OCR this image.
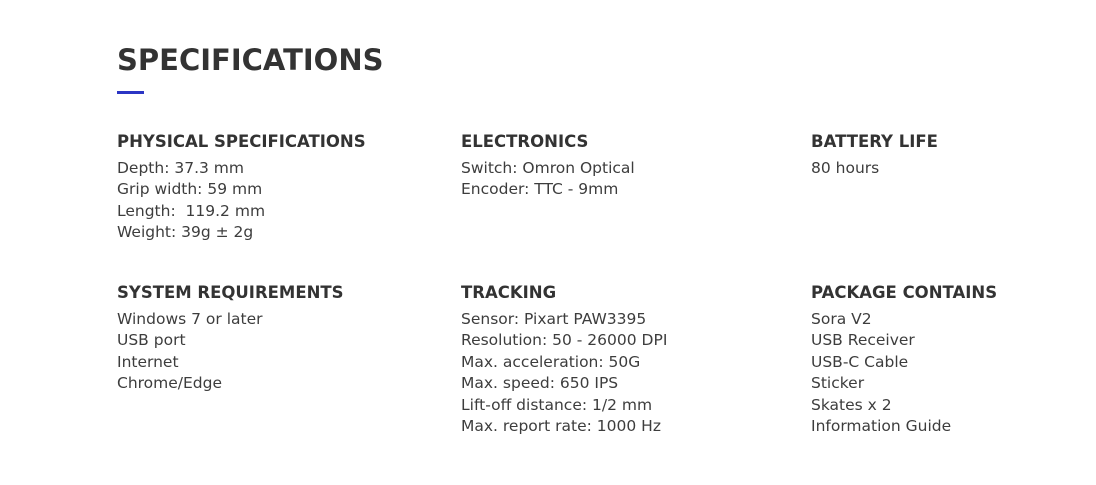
SPECIFICATIONS
PHYSICAL SPECIFICATIONS
Depth: 37.3 mm
Grip width: 59 mm
Length:  119.2 mm
Weight: 39g ± 2g
ELECTRONICS
Switch: Omron Optical
Encoder: TTC - 9mm
BATTERY LIFE
80 hours
SYSTEM REQUIREMENTS
Windows 7 or later
USB port
Internet
Chrome/Edge
TRACKING
Sensor: Pixart PAW3395
Resolution: 50 - 26000 DPI
Max. acceleration: 50G
Max. speed: 650 IPS
Lift-off distance: 1/2 mm
Max. report rate: 1000 Hz
PACKAGE CONTAINS
Sora V2
USB Receiver
USB-C Cable
Sticker
Skates x 2
Information Guide
